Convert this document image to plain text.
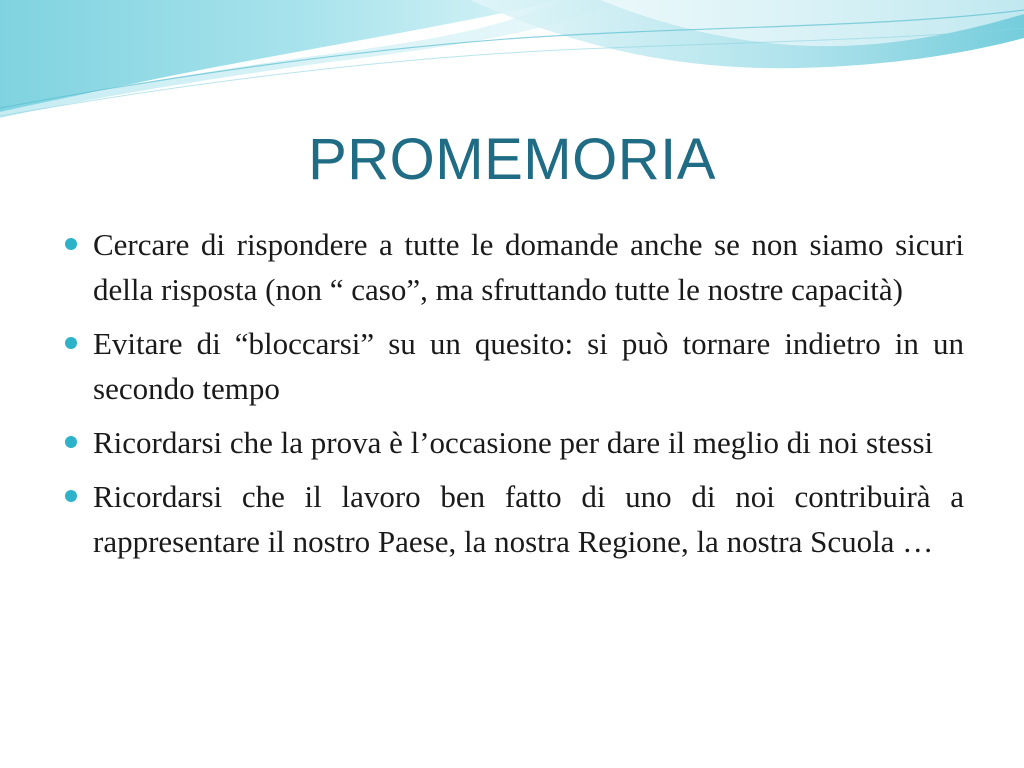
PROMEMORIA
Cercare di rispondere a tutte le domande anche se non siamo sicuri della risposta (non “ caso”, ma sfruttando tutte le nostre capacità)
Evitare di “bloccarsi” su un quesito: si può tornare indietro in un secondo tempo
Ricordarsi che la prova è l’occasione per dare il meglio di noi stessi
Ricordarsi che il lavoro ben fatto di uno di noi contribuirà a rappresentare il nostro Paese, la nostra Regione, la nostra Scuola …
